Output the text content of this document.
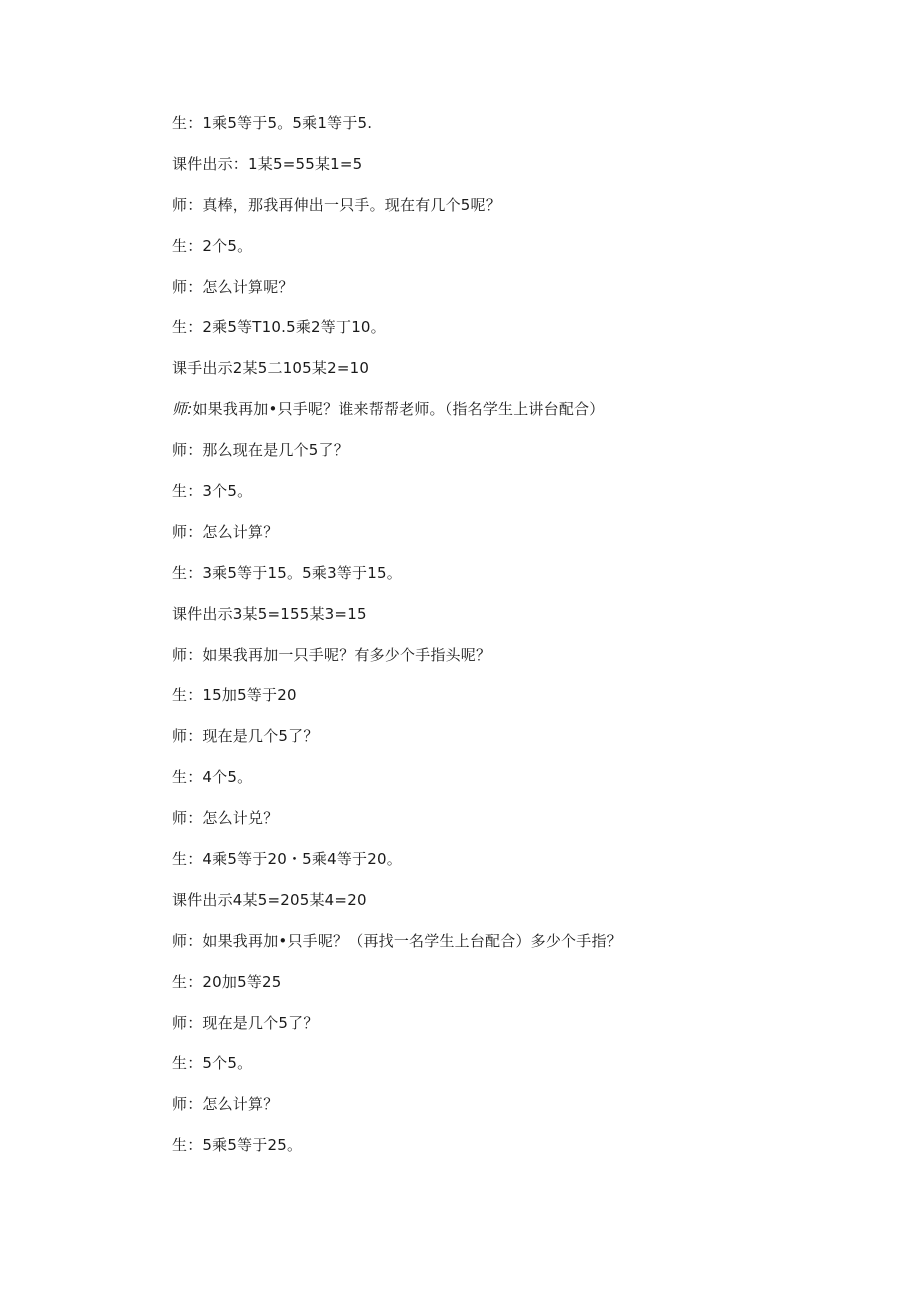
生：1乘5等于5。5乘1等于5.
课件出示：1某5=55某1=5
师：真棒，那我再伸出一只手。现在有几个5呢？
生：2个5。
师：怎么计算呢？
生：2乘5等T10.5乘2等丁10。
课手出示2某5二105某2=10
师:如果我再加•只手呢？谁来帮帮老师。（指名学生上讲台配合）
师：那么现在是几个5了？
生：3个5。
师：怎么计算？
生：3乘5等于15。5乘3等于15。
课件出示3某5=155某3=15
师：如果我再加一只手呢？有多少个手指头呢？
生：15加5等于20
师：现在是几个5了？
生：4个5。
师：怎么计兑？
生：4乘5等于20・5乘4等于20。
课件出示4某5=205某4=20
师：如果我再加•只手呢？（再找一名学生上台配合）多少个手指？
生：20加5等25
师：现在是几个5了？
生：5个5。
师：怎么计算？
生：5乘5等于25。
